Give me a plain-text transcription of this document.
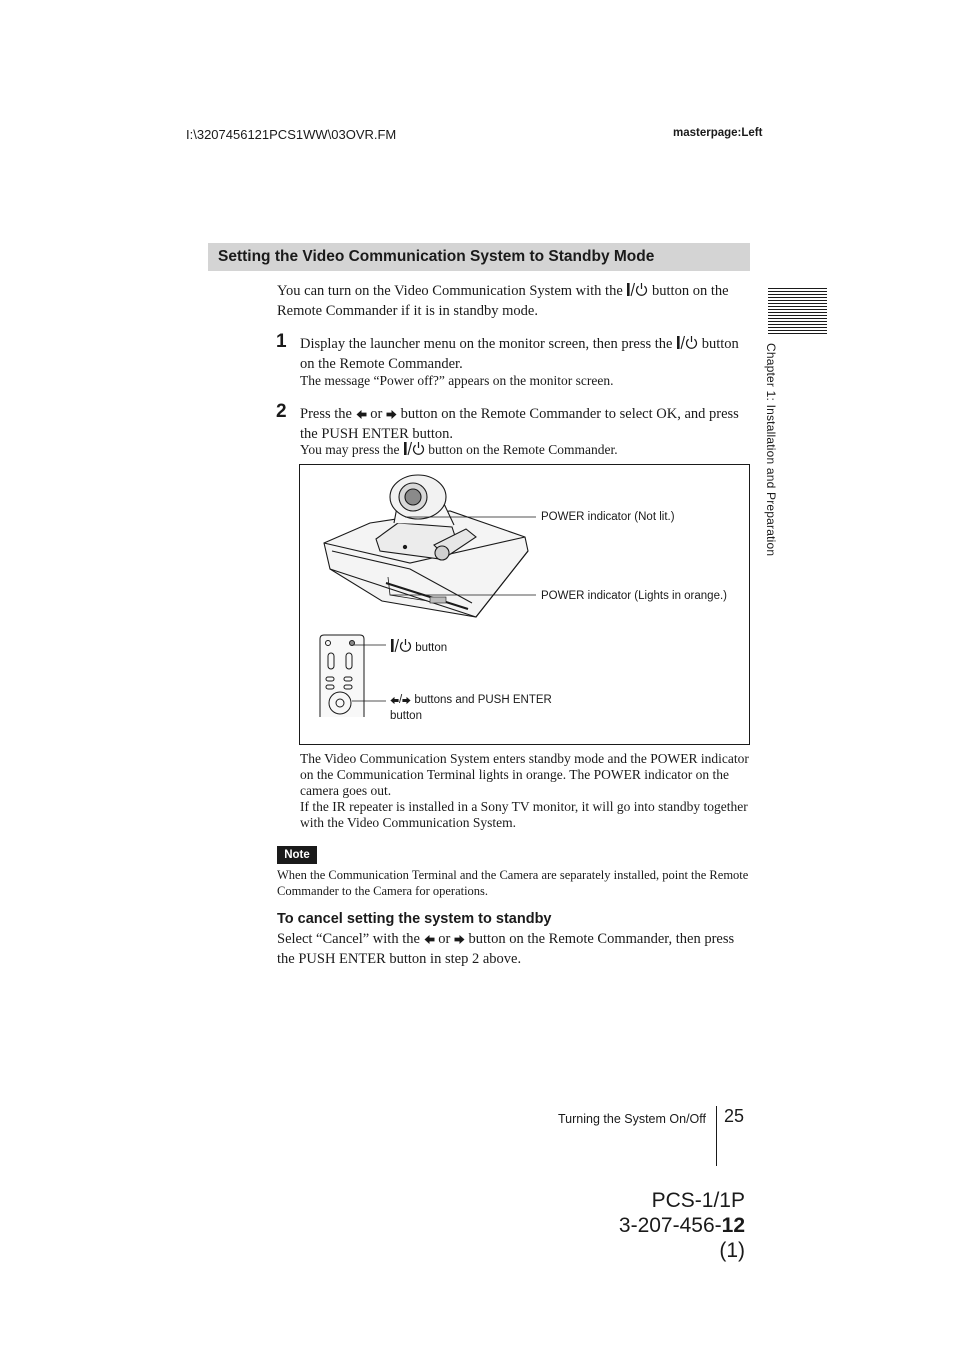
I:\3207456121PCS1WW\03OVR.FM	masterpage:Left
Chapter 1: Installation and Preparation
Setting the Video Communication System to Standby Mode
You can turn on the Video Communication System with the  button on the Remote Commander if it is in standby mode.
1 Display the launcher menu on the monitor screen, then press the  button on the Remote Commander.
The message “Power off?” appears on the monitor screen.
2 Press the  or  button on the Remote Commander to select OK, and press the PUSH ENTER button.
You may press the  button on the Remote Commander.
POWER indicator (Not lit.)
POWER indicator (Lights in orange.)
button
/ buttons and PUSH ENTER
button
The Video Communication System enters standby mode and the POWER indicator on the Communication Terminal lights in orange. The POWER indicator on the camera goes out.
If the IR repeater is installed in a Sony TV monitor, it will go into standby together with the Video Communication System.
Note
When the Communication Terminal and the Camera are separately installed, point the Remote Commander to the Camera for operations.
To cancel setting the system to standby
Select “Cancel” with the  or  button on the Remote Commander, then press the PUSH ENTER button in step 2 above.
Turning the System On/Off 25
PCS-1/1P
3-207-456-12 (1)
